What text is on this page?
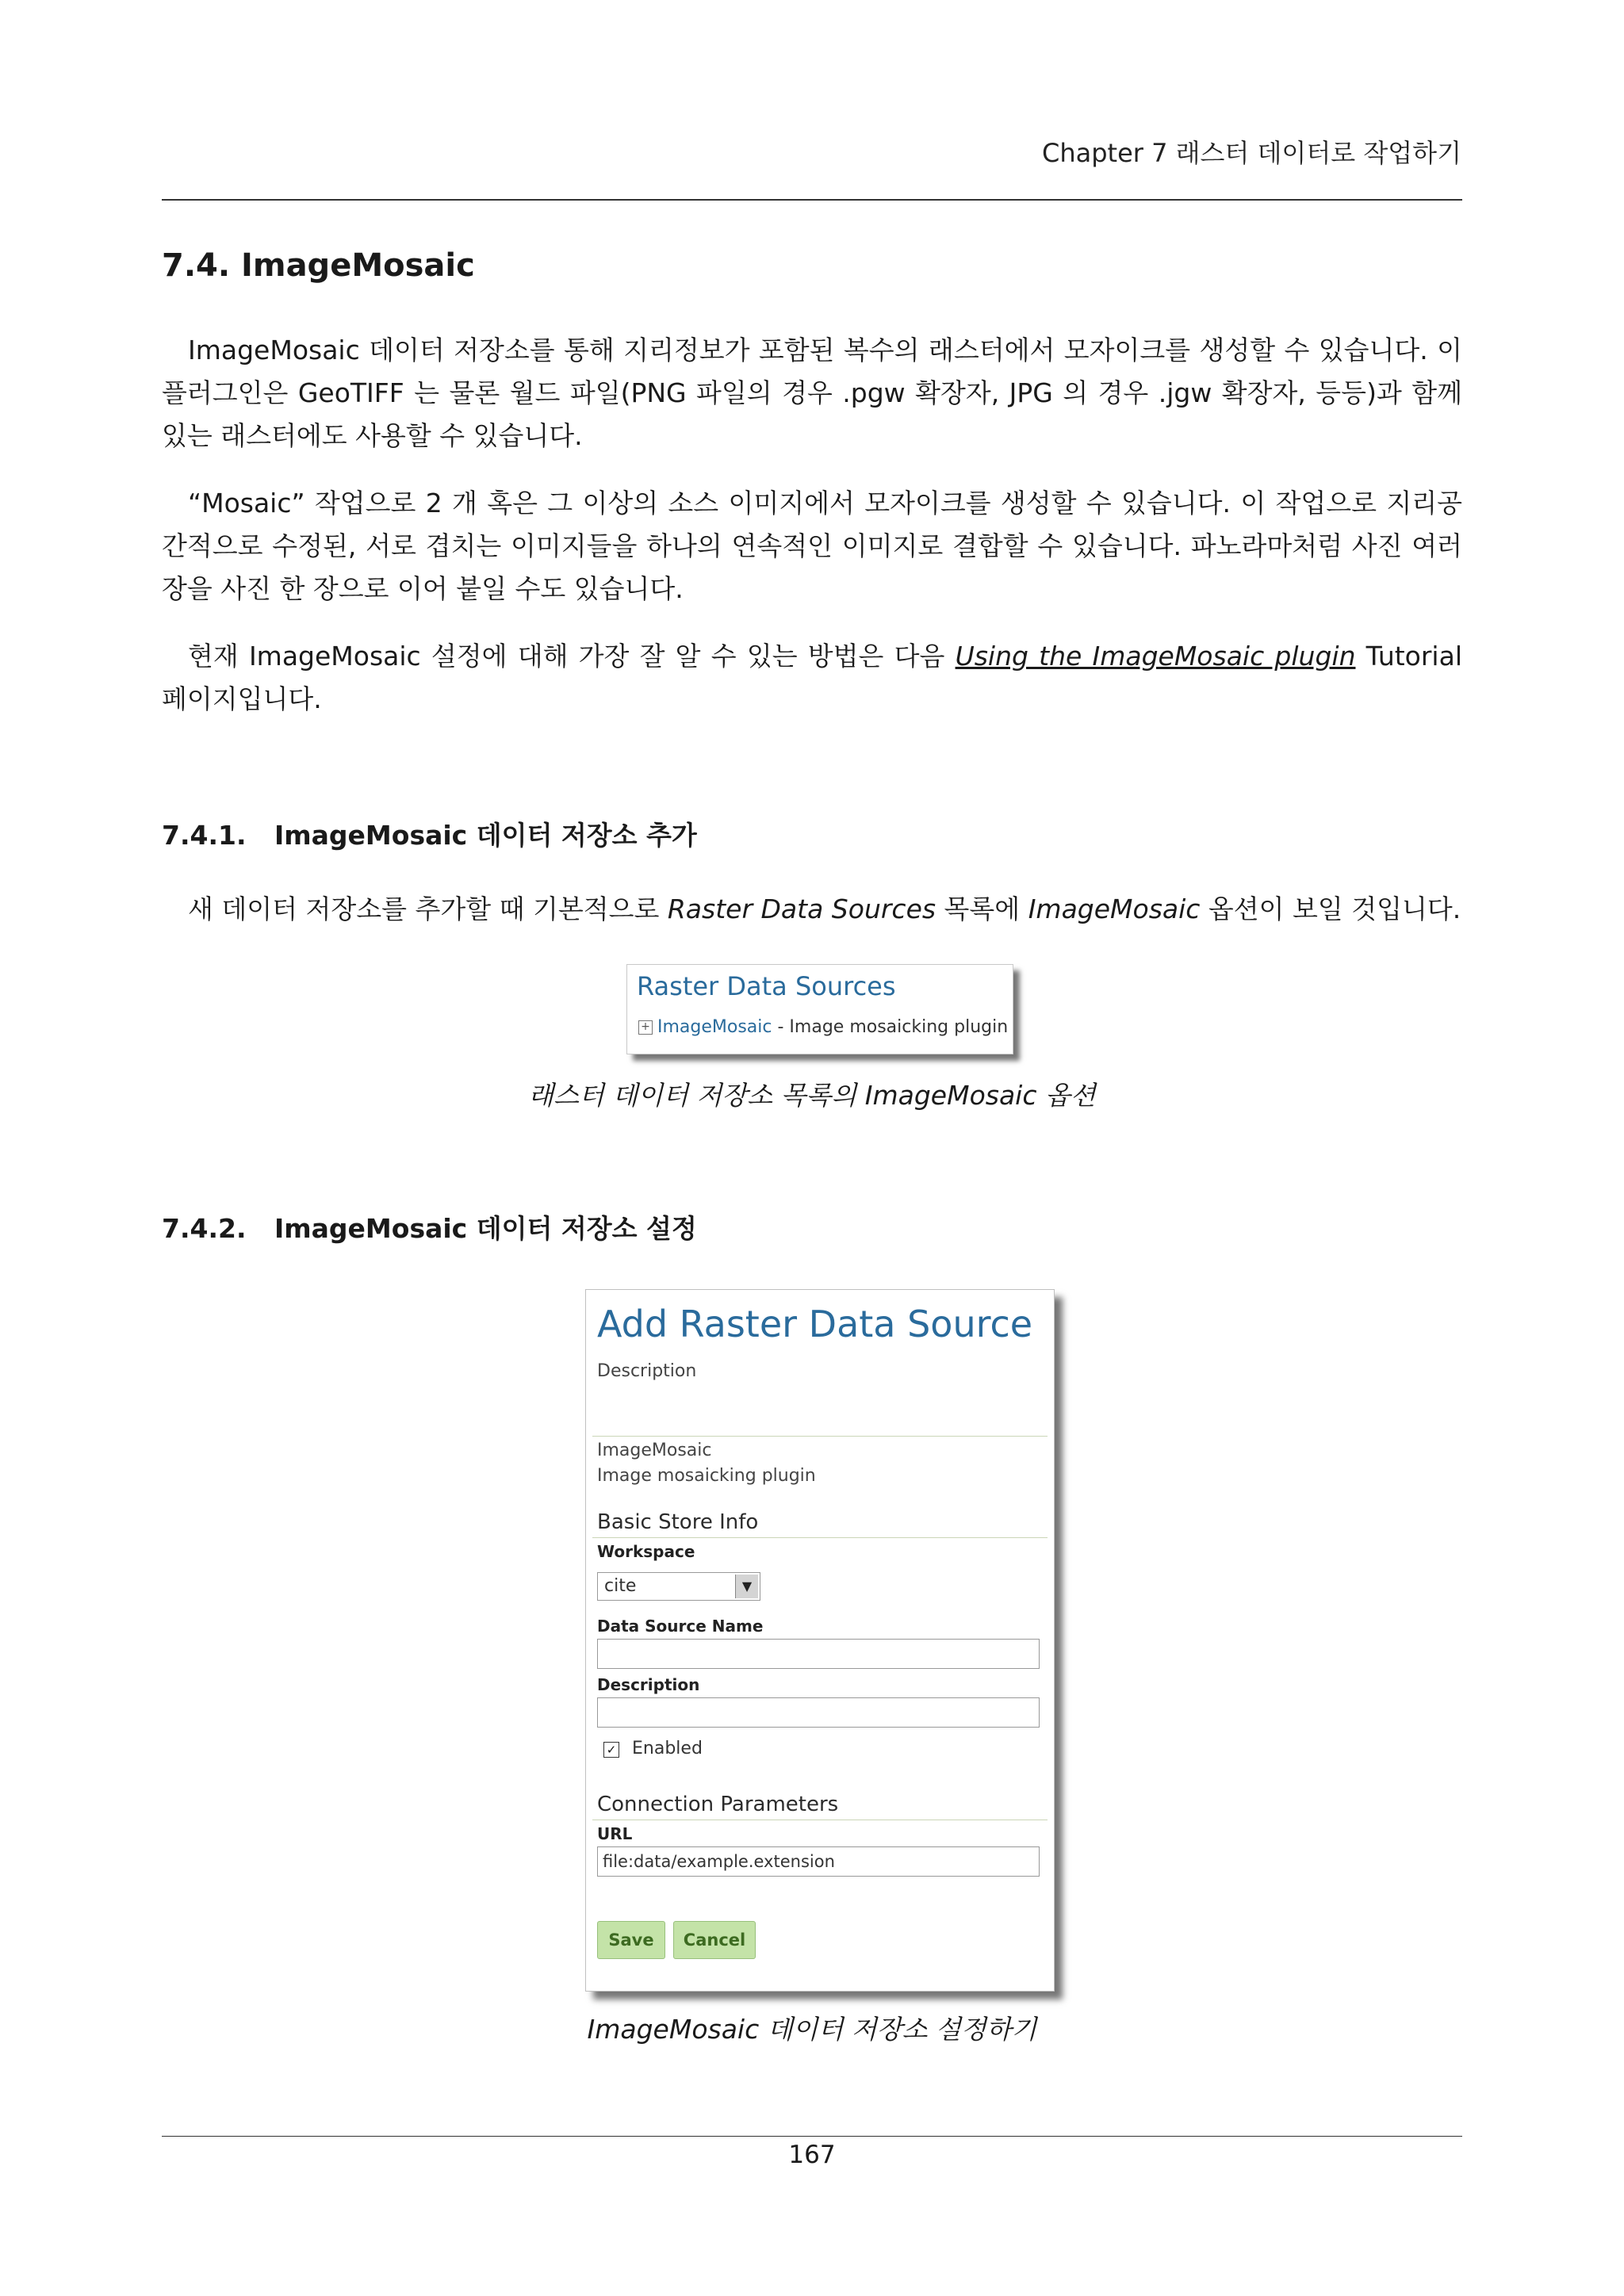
Chapter 7 래스터 데이터로 작업하기
7.4. ImageMosaic

ImageMosaic 데이터 저장소를 통해 지리정보가 포함된 복수의 래스터에서 모자이크를 생성할 수 있습니다. 이 플러그인은 GeoTIFF 는 물론 월드 파일(PNG 파일의 경우 .pgw 확장자, JPG 의 경우 .jgw 확장자, 등등)과 함께 있는 래스터에도 사용할 수 있습니다.

“Mosaic” 작업으로 2 개 혹은 그 이상의 소스 이미지에서 모자이크를 생성할 수 있습니다. 이 작업으로 지리공간적으로 수정된, 서로 겹치는 이미지들을 하나의 연속적인 이미지로 결합할 수 있습니다. 파노라마처럼 사진 여러 장을 사진 한 장으로 이어 붙일 수도 있습니다.

현재 ImageMosaic 설정에 대해 가장 잘 알 수 있는 방법은 다음 Using the ImageMosaic plugin Tutorial 페이지입니다.

7.4.1. ImageMosaic 데이터 저장소 추가

새 데이터 저장소를 추가할 때 기본적으로 Raster Data Sources 목록에 ImageMosaic 옵션이 보일 것입니다.

Raster Data Sources
+ ImageMosaic - Image mosaicking plugin
래스터 데이터 저장소 목록의 ImageMosaic 옵션
7.4.2. ImageMosaic 데이터 저장소 설정
Add Raster Data Source
Description
ImageMosaic
Image mosaicking plugin
Basic Store Info
Workspace
cite	▼
Data Source Name
Description
✓ Enabled
Connection Parameters
URL
file:data/example.extension
Save	Cancel
ImageMosaic 데이터 저장소 설정하기
167
